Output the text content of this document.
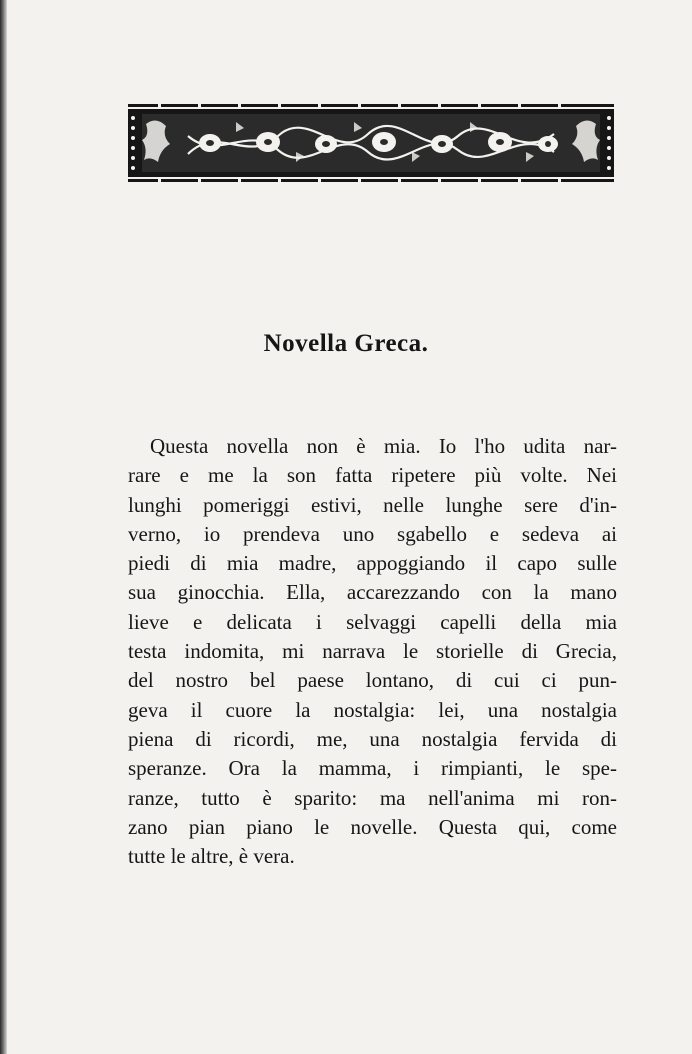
Novella Greca.
Questa novella non è mia. Io l'ho udita nar-
rare e me la son fatta ripetere più volte. Nei
lunghi pomeriggi estivi, nelle lunghe sere d'in-
verno, io prendeva uno sgabello e sedeva ai
piedi di mia madre, appoggiando il capo sulle
sua ginocchia. Ella, accarezzando con la mano
lieve e delicata i selvaggi capelli della mia
testa indomita, mi narrava le storielle di Grecia,
del nostro bel paese lontano, di cui ci pun-
geva il cuore la nostalgia: lei, una nostalgia
piena di ricordi, me, una nostalgia fervida di
speranze. Ora la mamma, i rimpianti, le spe-
ranze, tutto è sparito: ma nell'anima mi ron-
zano pian piano le novelle. Questa qui, come
tutte le altre, è vera.
